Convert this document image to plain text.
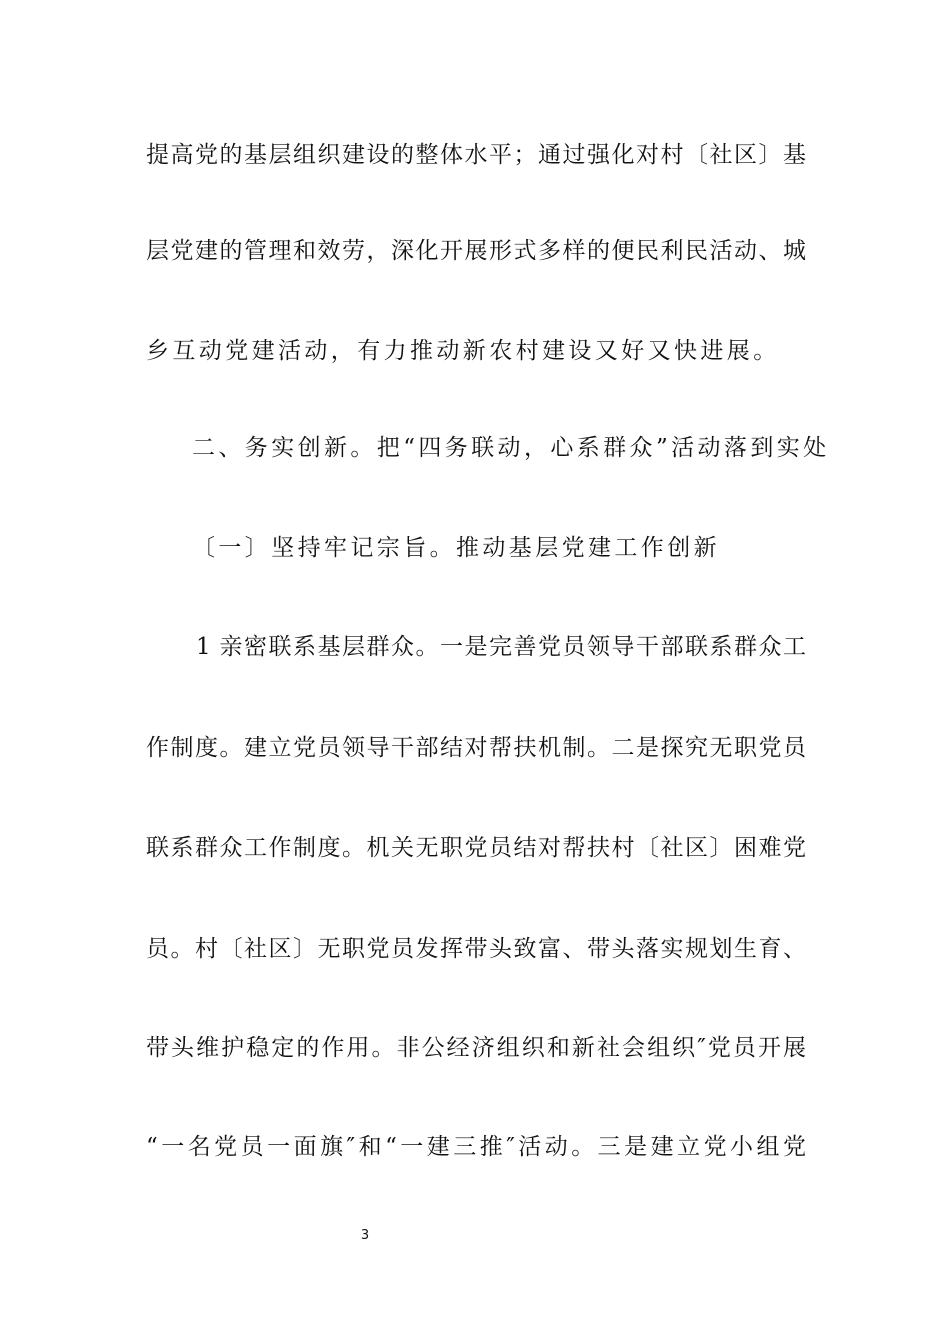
提高党的基层组织建设的整体水平；通过强化对村〔社区〕基
层党建的管理和效劳，深化开展形式多样的便民利民活动、城
乡互动党建活动，有力推动新农村建设又好又快进展。
二、务实创新。把“四务联动，心系群众”活动落到实处
〔一〕坚持牢记宗旨。推动基层党建工作创新
1 亲密联系基层群众。一是完善党员领导干部联系群众工
作制度。建立党员领导干部结对帮扶机制。二是探究无职党员
联系群众工作制度。机关无职党员结对帮扶村〔社区〕困难党
员。村〔社区〕无职党员发挥带头致富、带头落实规划生育、
带头维护稳定的作用。非公经济组织和新社会组织″党员开展
“一名党员一面旗″和“一建三推″活动。三是建立党小组党
3
